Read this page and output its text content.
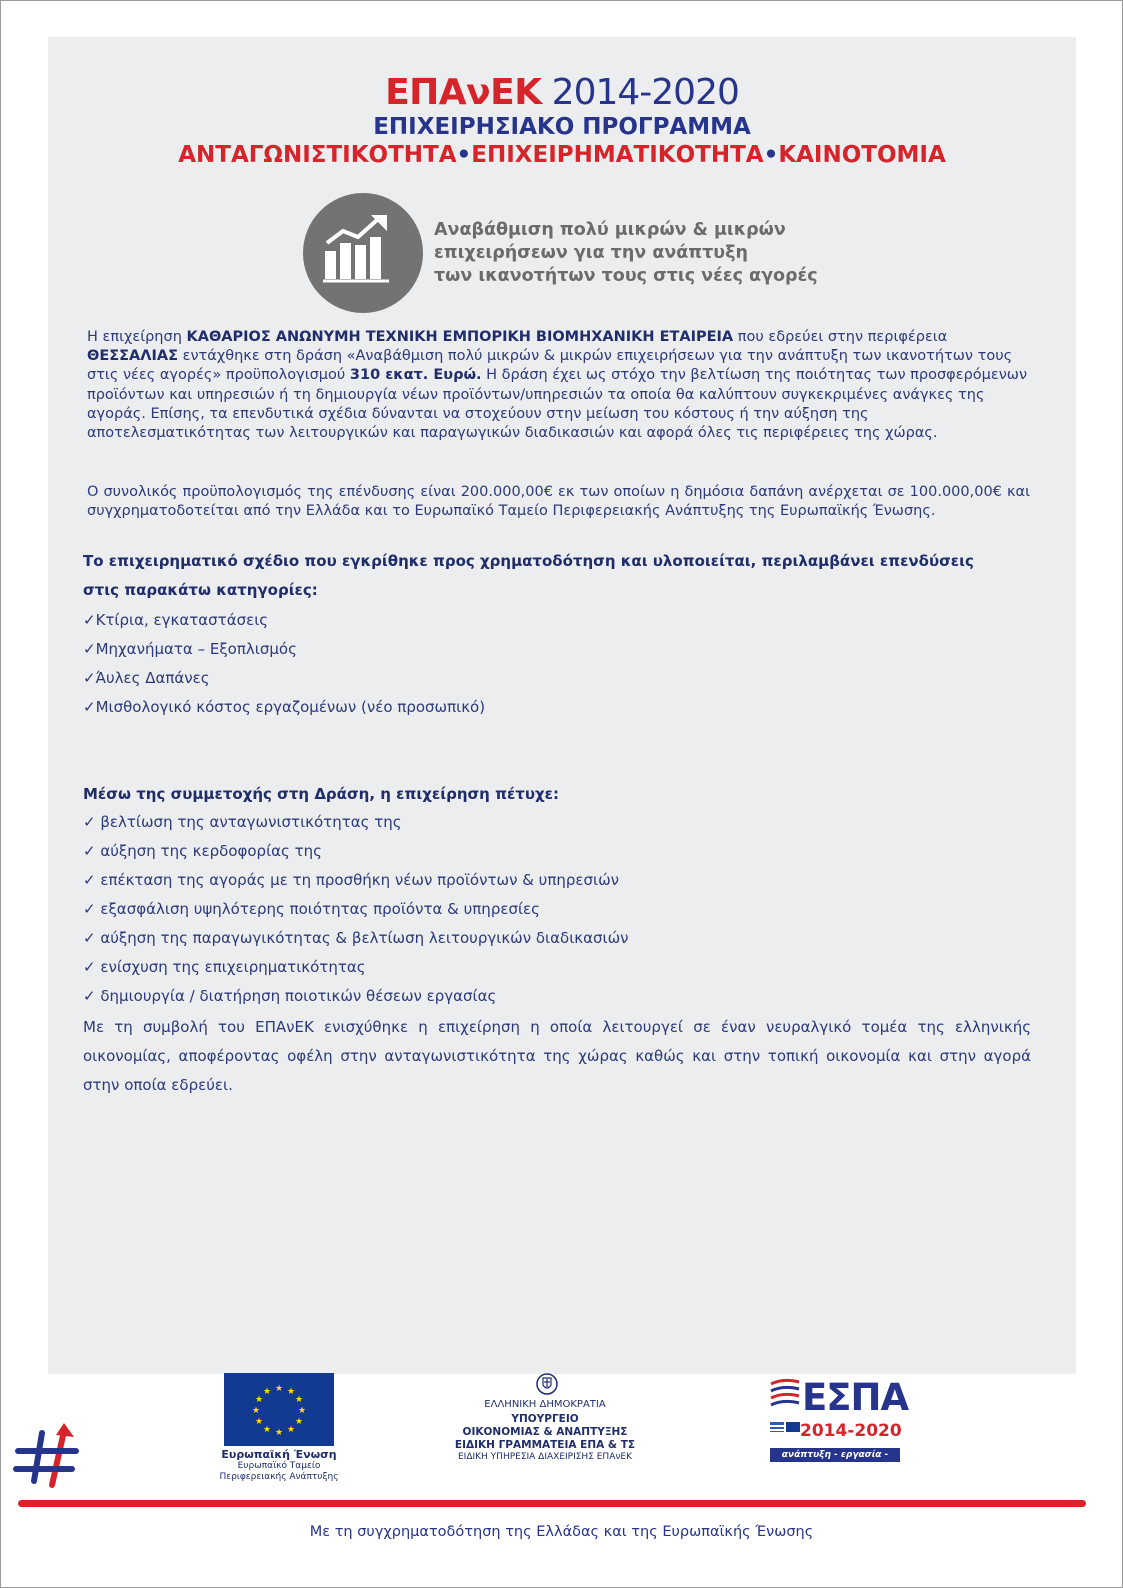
ΕΠΑνΕΚ 2014-2020
ΕΠΙΧΕΙΡΗΣΙΑΚΟ ΠΡΟΓΡΑΜΜΑ
ΑΝΤΑΓΩΝΙΣΤΙΚΟΤΗΤΑ•ΕΠΙΧΕΙΡΗΜΑΤΙΚΟΤΗΤΑ•ΚΑΙΝΟΤΟΜΙΑ
Αναβάθμιση πολύ μικρών & μικρών
επιχειρήσεων για την ανάπτυξη
των ικανοτήτων τους στις νέες αγορές
Η επιχείρηση ΚΑΘΑΡΙΟΣ ΑΝΩΝΥΜΗ ΤΕΧΝΙΚΗ ΕΜΠΟΡΙΚΗ ΒΙΟΜΗΧΑΝΙΚΗ ΕΤΑΙΡΕΙΑ που εδρεύει στην περιφέρεια ΘΕΣΣΑΛΙΑΣ εντάχθηκε στη δράση «Αναβάθμιση πολύ μικρών & μικρών επιχειρήσεων για την ανάπτυξη των ικανοτήτων τους στις νέες αγορές» προϋπολογισμού 310 εκατ. Ευρώ. Η δράση έχει ως στόχο την βελτίωση της ποιότητας των προσφερόμενων προϊόντων και υπηρεσιών ή τη δημιουργία νέων προϊόντων/υπηρεσιών τα οποία θα καλύπτουν συγκεκριμένες ανάγκες της αγοράς. Επίσης, τα επενδυτικά σχέδια δύνανται να στοχεύουν στην μείωση του κόστους ή την αύξηση της αποτελεσματικότητας των λειτουργικών και παραγωγικών διαδικασιών και αφορά όλες τις περιφέρειες της χώρας.
Ο συνολικός προϋπολογισμός της επένδυσης είναι 200.000,00€ εκ των οποίων η δημόσια δαπάνη ανέρχεται σε 100.000,00€ και συγχρηματοδοτείται από την Ελλάδα και το Ευρωπαϊκό Ταμείο Περιφερειακής Ανάπτυξης της Ευρωπαϊκής Ένωσης.
Το επιχειρηματικό σχέδιο που εγκρίθηκε προς χρηματοδότηση και υλοποιείται, περιλαμβάνει επενδύσεις
στις παρακάτω κατηγορίες:
✓Κτίρια, εγκαταστάσεις
✓Μηχανήματα – Εξοπλισμός
✓Άυλες Δαπάνες
✓Μισθολογικό κόστος εργαζομένων (νέο προσωπικό)
Μέσω της συμμετοχής στη Δράση, η επιχείρηση πέτυχε:
✓ βελτίωση της ανταγωνιστικότητας της
✓ αύξηση της κερδοφορίας της
✓ επέκταση της αγοράς με τη προσθήκη νέων προϊόντων & υπηρεσιών
✓ εξασφάλιση υψηλότερης ποιότητας προϊόντα & υπηρεσίες
✓ αύξηση της παραγωγικότητας & βελτίωση λειτουργικών διαδικασιών
✓ ενίσχυση της επιχειρηματικότητας
✓ δημιουργία / διατήρηση ποιοτικών θέσεων εργασίας
Με τη συμβολή του ΕΠΑνΕΚ ενισχύθηκε η επιχείρηση η οποία λειτουργεί σε έναν νευραλγικό τομέα της ελληνικής οικονομίας, αποφέροντας οφέλη στην ανταγωνιστικότητα της χώρας καθώς και στην τοπική οικονομία και στην αγορά στην οποία εδρεύει.
★ ★
★
★
★
★
★
★
★
★
★
★
Ευρωπαϊκή Ένωση
Ευρωπαϊκό Ταμείο
Περιφερειακής Ανάπτυξης
ΕΛΛΗΝΙΚΗ ΔΗΜΟΚΡΑΤΙΑ
ΥΠΟΥΡΓΕΙΟ
ΟΙΚΟΝΟΜΙΑΣ & ΑΝΑΠΤΥΞΗΣ
ΕΙΔΙΚΗ ΓΡΑΜΜΑΤΕΙΑ ΕΠΑ & ΤΣ
ΕΙΔΙΚΗ ΥΠΗΡΕΣΙΑ ΔΙΑΧΕΙΡΙΣΗΣ ΕΠΑνΕΚ
ΕΣΠΑ
2014-2020
ανάπτυξη - εργασία - αλληλεγγύη
Με τη συγχρηματοδότηση της Ελλάδας και της Ευρωπαϊκής Ένωσης
